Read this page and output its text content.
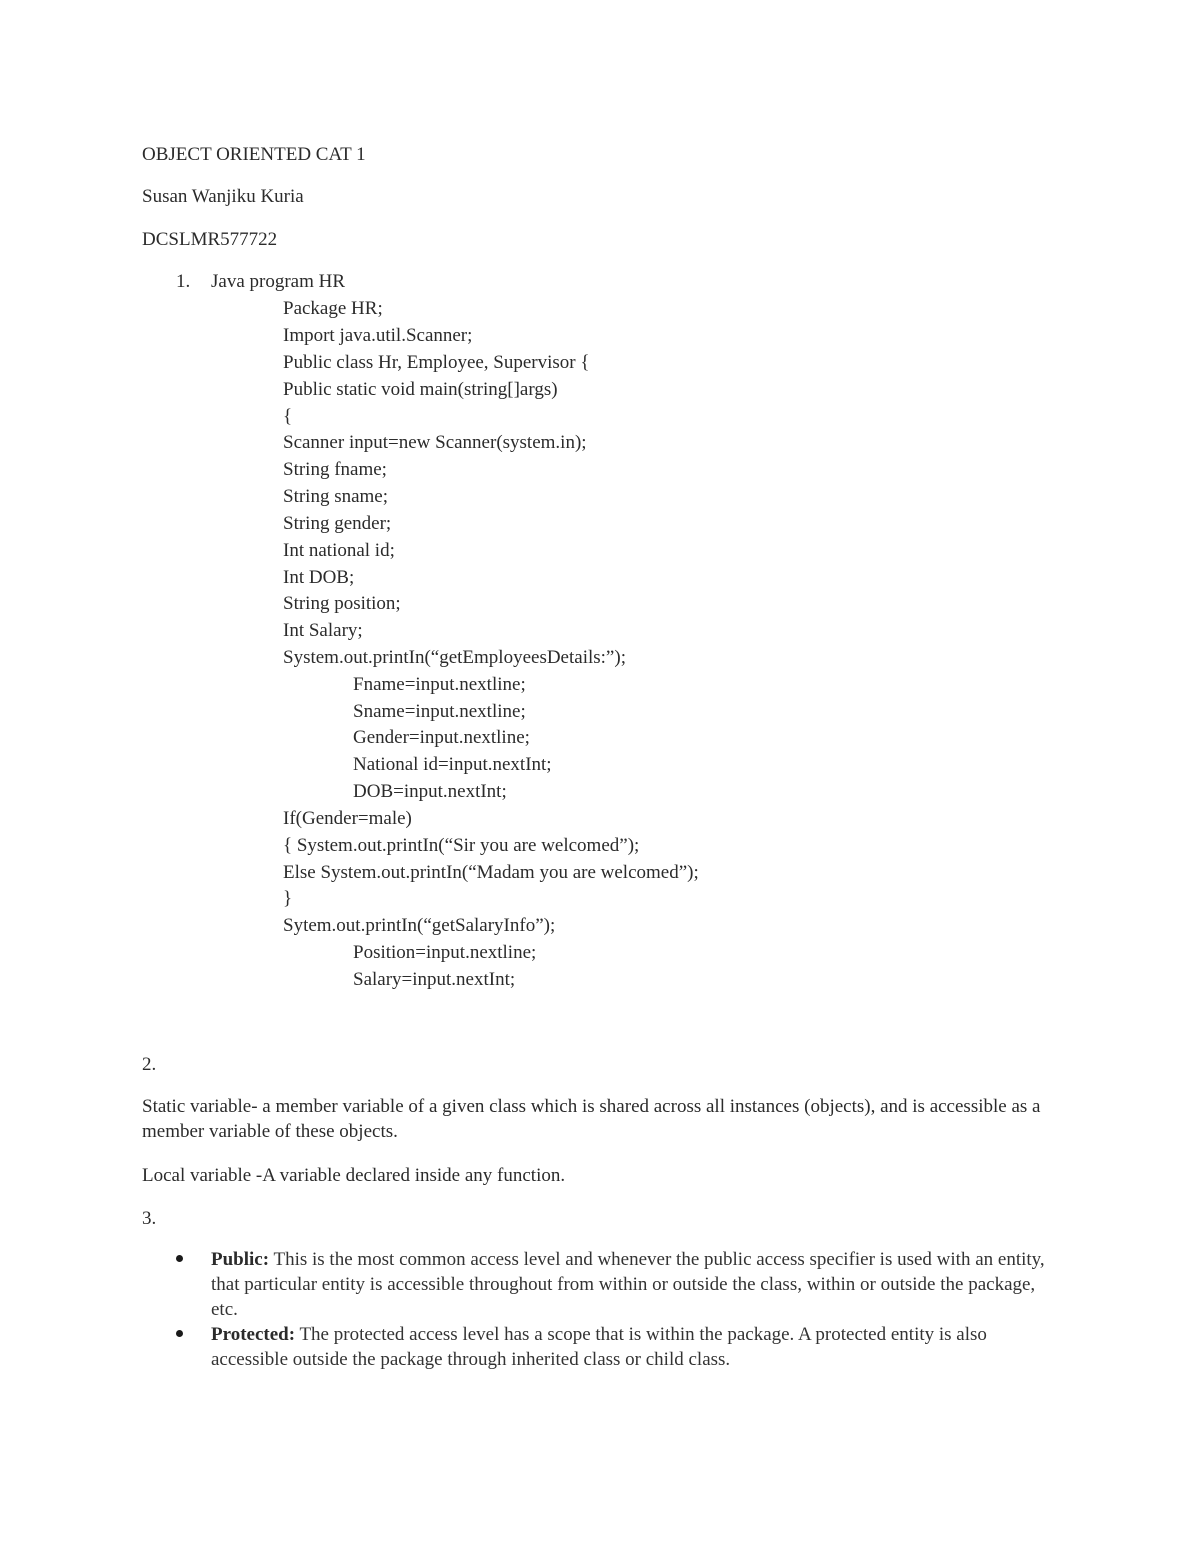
OBJECT ORIENTED CAT 1
Susan Wanjiku Kuria
DCSLMR577722
1. Java program HR
Package HR;
Import java.util.Scanner;
Public class Hr, Employee, Supervisor {
Public static void main(string[]args)
{
Scanner input=new Scanner(system.in);
String fname;
String sname;
String gender;
Int national id;
Int DOB;
String position;
Int Salary;
System.out.printIn(“getEmployeesDetails:”);
Fname=input.nextline;
Sname=input.nextline;
Gender=input.nextline;
National id=input.nextInt;
DOB=input.nextInt;
If(Gender=male)
{ System.out.printIn(“Sir you are welcomed”);
Else System.out.printIn(“Madam you are welcomed”);
}
Sytem.out.printIn(“getSalaryInfo”);
Position=input.nextline;
Salary=input.nextInt;
2.
Static variable- a member variable of a given class which is shared across all instances (objects), and is accessible as a member variable of these objects.
Local variable -A variable declared inside any function.
3.
Public: This is the most common access level and whenever the public access specifier is used with an entity, that particular entity is accessible throughout from within or outside the class, within or outside the package, etc.
Protected: The protected access level has a scope that is within the package. A protected entity is also accessible outside the package through inherited class or child class.
